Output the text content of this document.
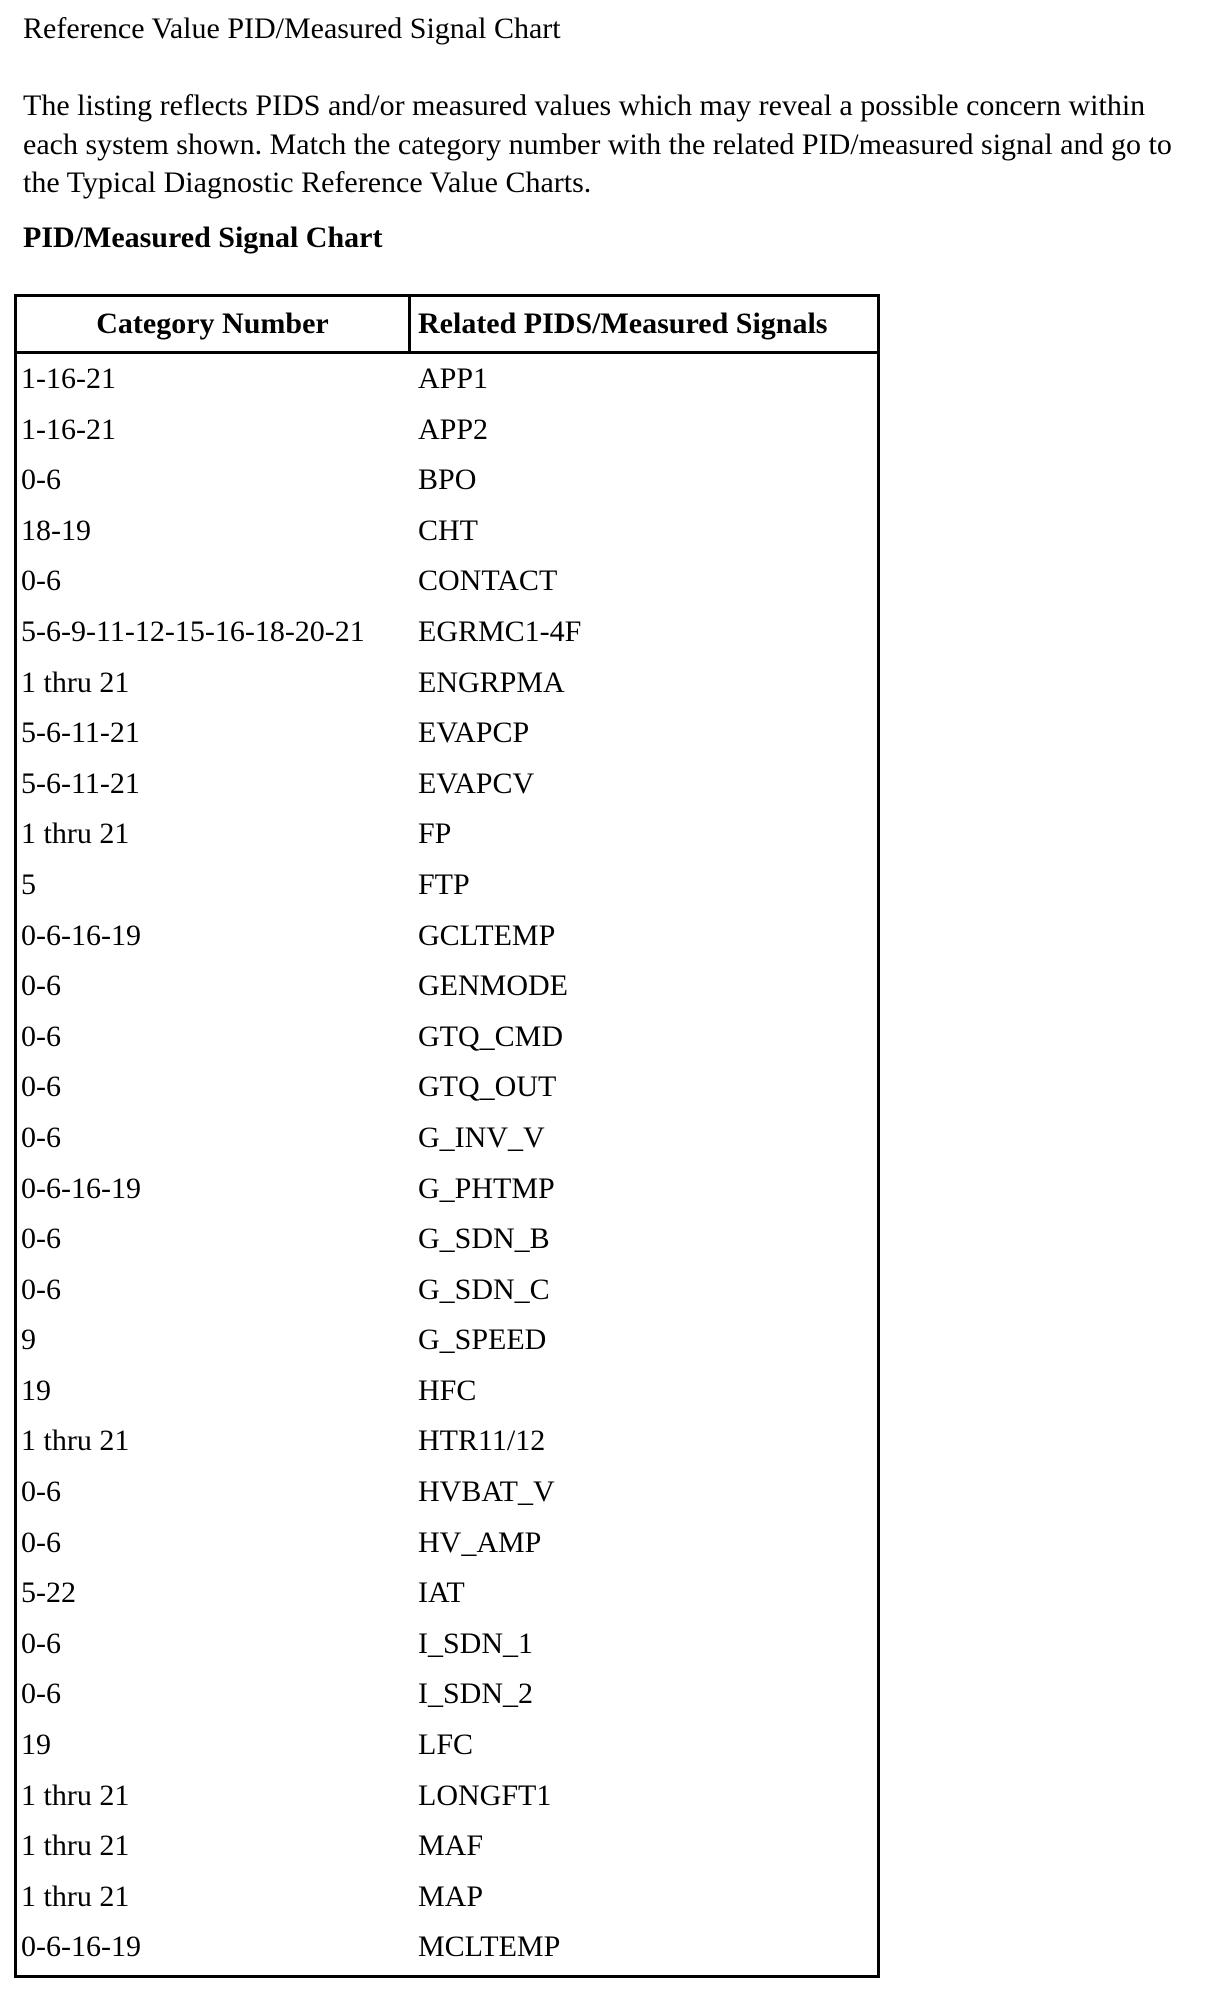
Reference Value PID/Measured Signal Chart
The listing reflects PIDS and/or measured values which may reveal a possible concern within each system shown. Match the category number with the related PID/measured signal and go to the Typical Diagnostic Reference Value Charts.
PID/Measured Signal Chart
Category Number	Related PIDS/Measured Signals
1-16-21	APP1
1-16-21	APP2
0-6	BPO
18-19	CHT
0-6	CONTACT
5-6-9-11-12-15-16-18-20-21 EGRMC1-4F
1 thru 21	ENGRPMA
5-6-11-21	EVAPCP
5-6-11-21	EVAPCV
1 thru 21	FP
5	FTP
0-6-16-19	GCLTEMP
0-6	GENMODE
0-6	GTQ_CMD
0-6	GTQ_OUT
0-6	G_INV_V
0-6-16-19	G_PHTMP
0-6	G_SDN_B
0-6	G_SDN_C
9	G_SPEED
19	HFC
1 thru 21	HTR11/12
0-6	HVBAT_V
0-6	HV_AMP
5-22	IAT
0-6	I_SDN_1
0-6	I_SDN_2
19	LFC
1 thru 21	LONGFT1
1 thru 21	MAF
1 thru 21	MAP
0-6-16-19	MCLTEMP
